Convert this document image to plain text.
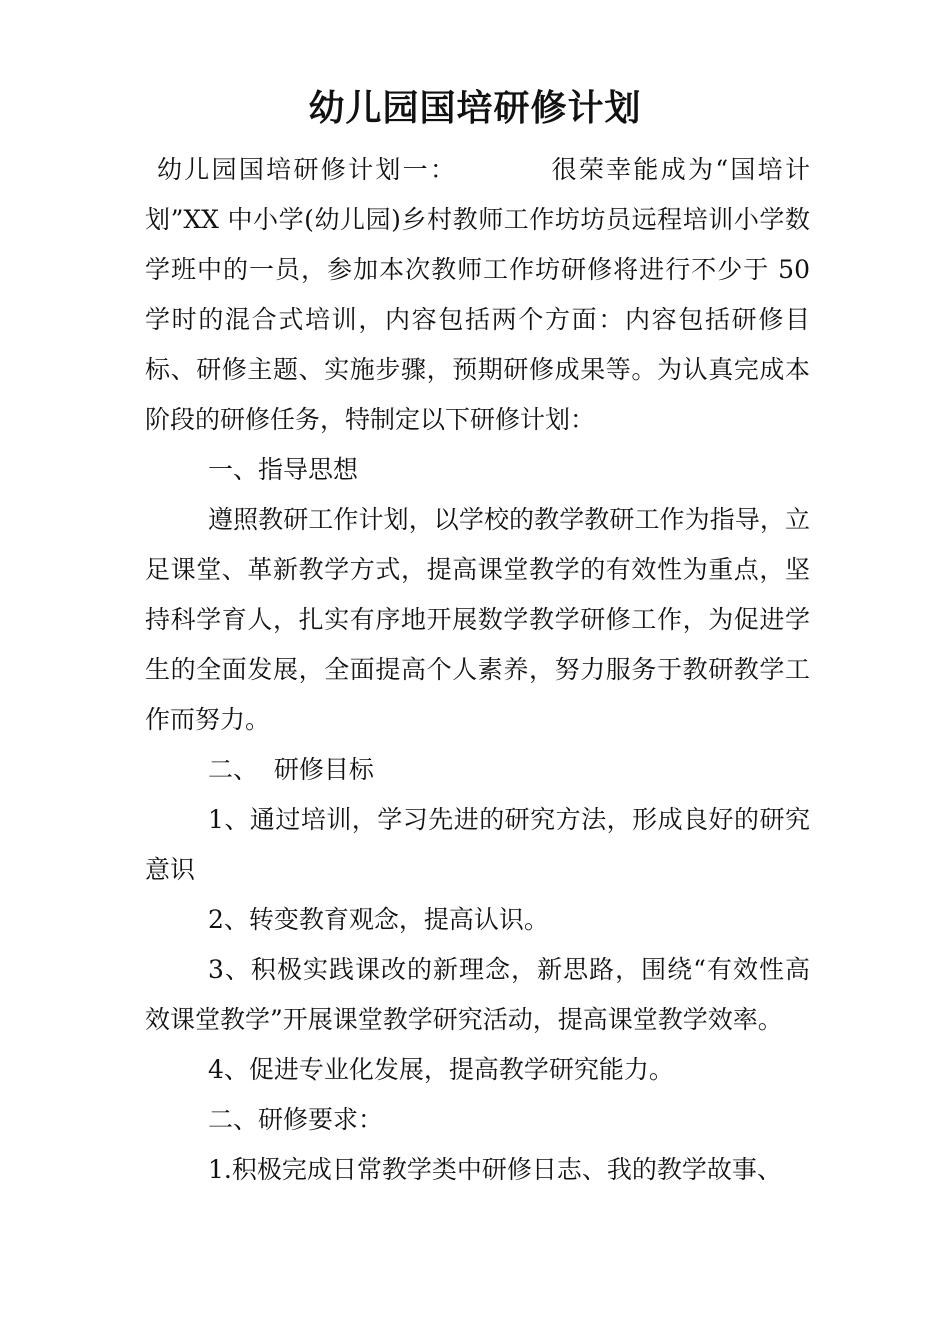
幼儿园国培研修计划

幼儿园国培研修计划一：	很荣幸能成为“国培计划”XX 中小学(幼儿园)乡村教师工作坊坊员远程培训小学数学班中的一员，参加本次教师工作坊研修将进行不少于 50 学时的混合式培训，内容包括两个方面：内容包括研修目标、研修主题、实施步骤，预期研修成果等。为认真完成本阶段的研修任务，特制定以下研修计划：

一、指导思想

遵照教研工作计划，以学校的教学教研工作为指导，立足课堂、革新教学方式，提高课堂教学的有效性为重点，坚持科学育人，扎实有序地开展数学教学研修工作，为促进学生的全面发展，全面提高个人素养，努力服务于教研教学工作而努力。

二、  研修目标

1、通过培训，学习先进的研究方法，形成良好的研究意识

2、转变教育观念，提高认识。

3、积极实践课改的新理念，新思路，围绕“有效性高效课堂教学”开展课堂教学研究活动，提高课堂教学效率。

4、促进专业化发展，提高教学研究能力。

二、研修要求：

1.积极完成日常教学类中研修日志、我的教学故事、
